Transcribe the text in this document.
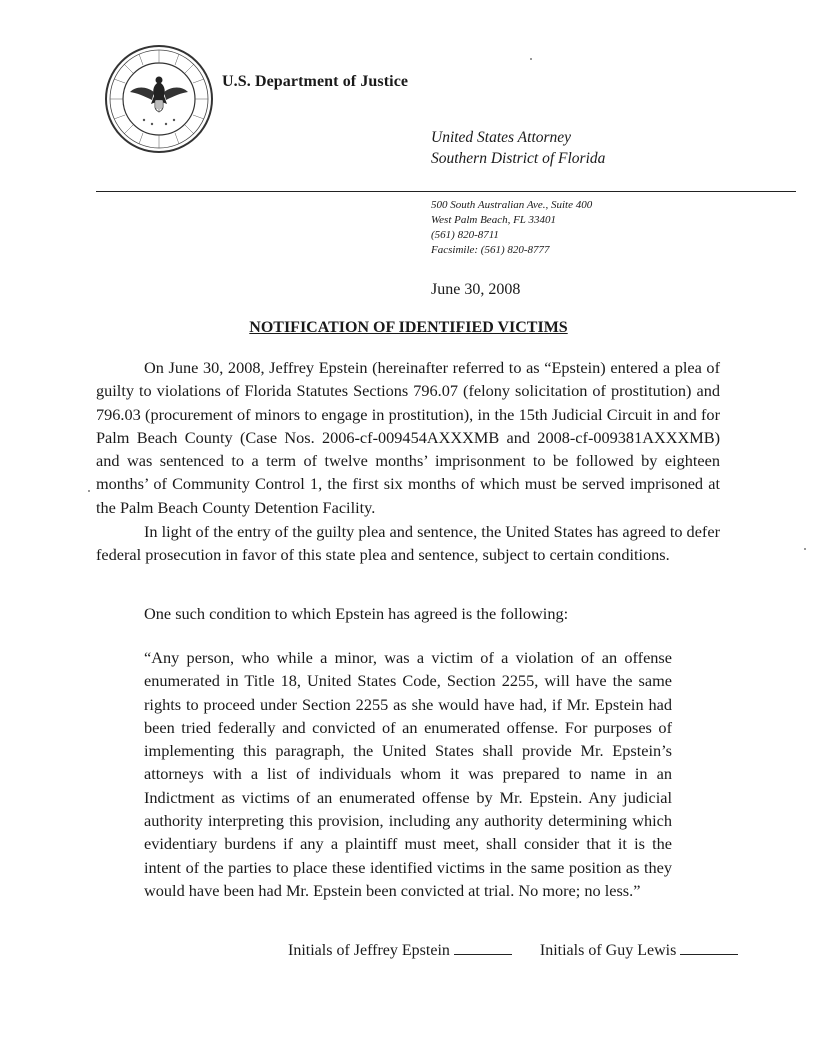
U.S. Department of Justice
United States Attorney
Southern District of Florida
500 South Australian Ave., Suite 400
West Palm Beach, FL 33401
(561) 820-8711
Facsimile: (561) 820-8777
June 30, 2008
NOTIFICATION OF IDENTIFIED VICTIMS
On June 30, 2008, Jeffrey Epstein (hereinafter referred to as “Epstein) entered a plea of guilty to violations of Florida Statutes Sections 796.07 (felony solicitation of prostitution) and 796.03 (procurement of minors to engage in prostitution), in the 15th Judicial Circuit in and for Palm Beach County (Case Nos. 2006-cf-009454AXXXMB and 2008-cf-009381AXXXMB) and was sentenced to a term of twelve months’ imprisonment to be followed by eighteen months’ of Community Control 1, the first six months of which must be served imprisoned at the Palm Beach County Detention Facility.
In light of the entry of the guilty plea and sentence, the United States has agreed to defer federal prosecution in favor of this state plea and sentence, subject to certain conditions.
One such condition to which Epstein has agreed is the following:
“Any person, who while a minor, was a victim of a violation of an offense enumerated in Title 18, United States Code, Section 2255, will have the same rights to proceed under Section 2255 as she would have had, if Mr. Epstein had been tried federally and convicted of an enumerated offense. For purposes of implementing this paragraph, the United States shall provide Mr. Epstein’s attorneys with a list of individuals whom it was prepared to name in an Indictment as victims of an enumerated offense by Mr. Epstein. Any judicial authority interpreting this provision, including any authority determining which evidentiary burdens if any a plaintiff must meet, shall consider that it is the intent of the parties to place these identified victims in the same position as they would have been had Mr. Epstein been convicted at trial. No more; no less.”
Initials of Jeffrey Epstein	Initials of Guy Lewis
